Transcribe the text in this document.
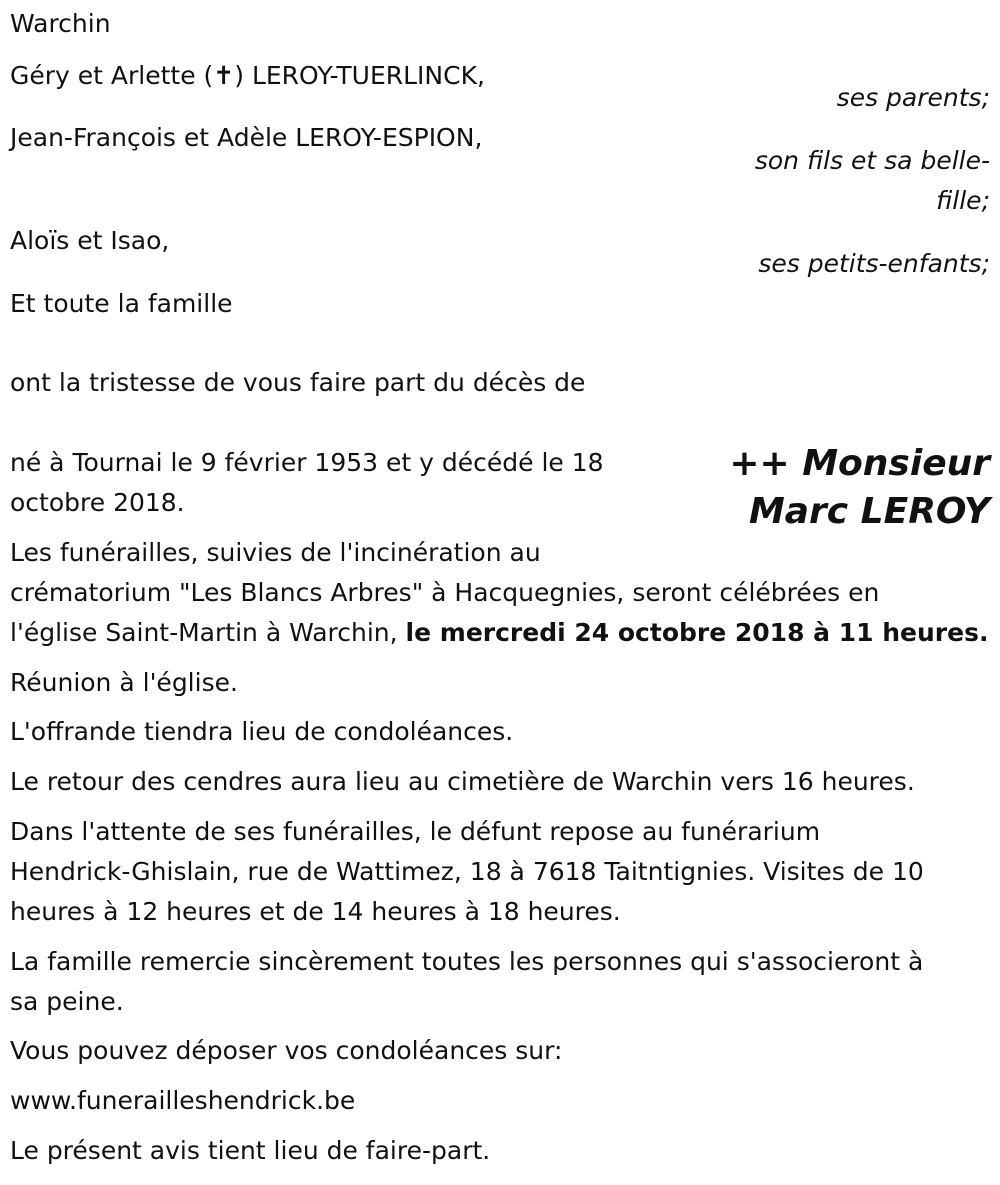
Warchin
Géry et Arlette (✝) LEROY-TUERLINCK,
ses parents;
Jean-François et Adèle LEROY-ESPION,
son fils et sa belle-
fille;
Aloïs et Isao,
ses petits-enfants;
Et toute la famille
ont la tristesse de vous faire part du décès de
++ Monsieur
Marc LEROY
né à Tournai le 9 février 1953 et y décédé le 18
octobre 2018.
Les funérailles, suivies de l'incinération au
crématorium "Les Blancs Arbres" à Hacquegnies, seront célébrées en
l'église Saint-Martin à Warchin, le mercredi 24 octobre 2018 à 11 heures.
Réunion à l'église.
L'offrande tiendra lieu de condoléances.
Le retour des cendres aura lieu au cimetière de Warchin vers 16 heures.
Dans l'attente de ses funérailles, le défunt repose au funérarium
Hendrick-Ghislain, rue de Wattimez, 18 à 7618 Taitntignies. Visites de 10
heures à 12 heures et de 14 heures à 18 heures.
La famille remercie sincèrement toutes les personnes qui s'associeront à
sa peine.
Vous pouvez déposer vos condoléances sur:
www.funerailleshendrick.be
Le présent avis tient lieu de faire-part.
